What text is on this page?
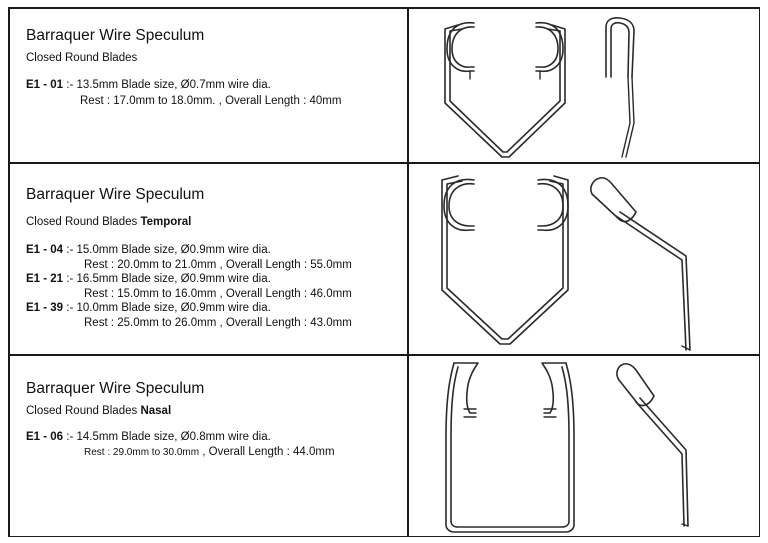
Barraquer Wire Speculum
Closed Round Blades
E1 - 01 :- 13.5mm Blade size, Ø0.7mm wire dia.
Rest : 17.0mm to 18.0mm. , Overall Length : 40mm
Barraquer Wire Speculum
Closed Round Blades Temporal
E1 - 04 :- 15.0mm Blade size, Ø0.9mm wire dia.
Rest : 20.0mm to 21.0mm , Overall Length : 55.0mm
E1 - 21 :- 16.5mm Blade size, Ø0.9mm wire dia.
Rest : 15.0mm to 16.0mm , Overall Length : 46.0mm
E1 - 39 :- 10.0mm Blade size, Ø0.9mm wire dia.
Rest : 25.0mm to 26.0mm , Overall Length : 43.0mm
Barraquer Wire Speculum
Closed Round Blades Nasal
E1 - 06 :- 14.5mm Blade size, Ø0.8mm wire dia.
Rest : 29.0mm to 30.0mm , Overall Length : 44.0mm
